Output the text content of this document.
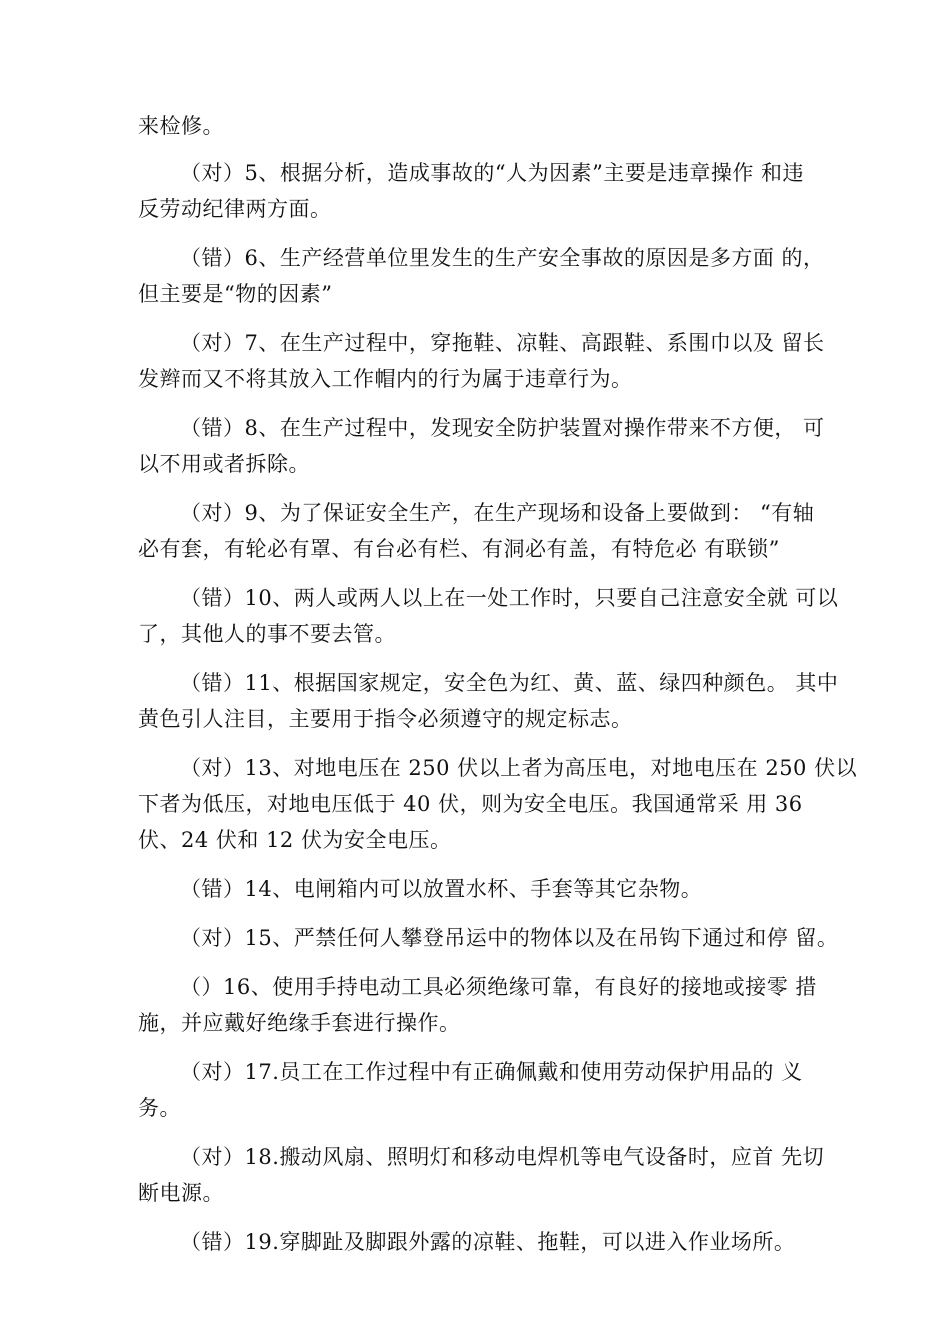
来检修。
（对）5、根据分析，造成事故的“人为因素”主要是违章操作 和违
反劳动纪律两方面。
（错）6、生产经营单位里发生的生产安全事故的原因是多方面 的，
但主要是“物的因素”
（对）7、在生产过程中，穿拖鞋、凉鞋、高跟鞋、系围巾以及 留长
发辫而又不将其放入工作帽内的行为属于违章行为。
（错）8、在生产过程中，发现安全防护装置对操作带来不方便， 可
以不用或者拆除。
（对）9、为了保证安全生产，在生产现场和设备上要做到： “有轴
必有套，有轮必有罩、有台必有栏、有洞必有盖，有特危必 有联锁”
（错）10、两人或两人以上在一处工作时，只要自己注意安全就 可以
了，其他人的事不要去管。
（错）11、根据国家规定，安全色为红、黄、蓝、绿四种颜色。 其中
黄色引人注目，主要用于指令必须遵守的规定标志。
（对）13、对地电压在 250 伏以上者为高压电，对地电压在 250 伏以
下者为低压，对地电压低于 40 伏，则为安全电压。我国通常采 用 36
伏、24 伏和 12 伏为安全电压。
（错）14、电闸箱内可以放置水杯、手套等其它杂物。
（对）15、严禁任何人攀登吊运中的物体以及在吊钩下通过和停 留。
（）16、使用手持电动工具必须绝缘可靠，有良好的接地或接零 措
施，并应戴好绝缘手套进行操作。
（对）17.员工在工作过程中有正确佩戴和使用劳动保护用品的 义
务。
（对）18.搬动风扇、照明灯和移动电焊机等电气设备时，应首 先切
断电源。
（错）19.穿脚趾及脚跟外露的凉鞋、拖鞋，可以进入作业场所。
